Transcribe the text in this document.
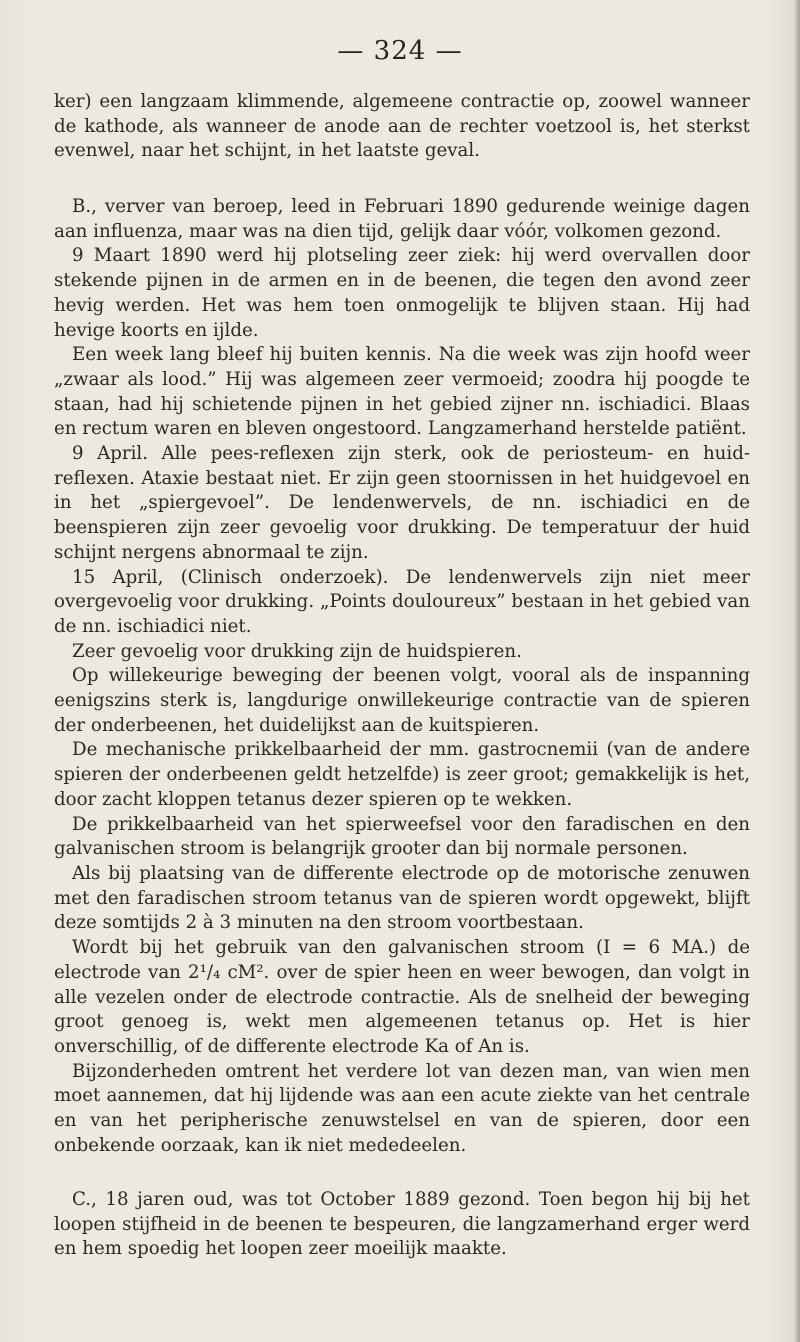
— 324 —

ker) een langzaam klimmende, algemeene contractie op, zoowel wanneer de kathode, als wanneer de anode aan de rechter voetzool is, het sterkst evenwel, naar het schijnt, in het laatste geval.

B., verver van beroep, leed in Februari 1890 gedurende weinige dagen aan influenza, maar was na dien tijd, gelijk daar vóór, volkomen gezond.

9 Maart 1890 werd hij plotseling zeer ziek: hij werd overvallen door stekende pijnen in de armen en in de beenen, die tegen den avond zeer hevig werden. Het was hem toen onmogelijk te blijven staan. Hij had hevige koorts en ijlde.

Een week lang bleef hij buiten kennis. Na die week was zijn hoofd weer „zwaar als lood.” Hij was algemeen zeer vermoeid; zoodra hij poogde te staan, had hij schietende pijnen in het gebied zijner nn. ischiadici. Blaas en rectum waren en bleven ongestoord. Langzamerhand herstelde patiënt.

9 April. Alle pees-reflexen zijn sterk, ook de periosteum- en huid-reflexen. Ataxie bestaat niet. Er zijn geen stoornissen in het huidgevoel en in het „spiergevoel”. De lendenwervels, de nn. ischiadici en de beenspieren zijn zeer gevoelig voor drukking. De temperatuur der huid schijnt nergens abnormaal te zijn.

15 April, (Clinisch onderzoek). De lendenwervels zijn niet meer overgevoelig voor drukking. „Points douloureux” bestaan in het gebied van de nn. ischiadici niet.

Zeer gevoelig voor drukking zijn de huidspieren.

Op willekeurige beweging der beenen volgt, vooral als de inspanning eenigszins sterk is, langdurige onwillekeurige contractie van de spieren der onderbeenen, het duidelijkst aan de kuitspieren.

De mechanische prikkelbaarheid der mm. gastrocnemii (van de andere spieren der onderbeenen geldt hetzelfde) is zeer groot; gemakkelijk is het, door zacht kloppen tetanus dezer spieren op te wekken.

De prikkelbaarheid van het spierweefsel voor den faradischen en den galvanischen stroom is belangrijk grooter dan bij normale personen.

Als bij plaatsing van de differente electrode op de motorische zenuwen met den faradischen stroom tetanus van de spieren wordt opgewekt, blijft deze somtijds 2 à 3 minuten na den stroom voortbestaan.

Wordt bij het gebruik van den galvanischen stroom (I = 6 MA.) de electrode van 2¹/₄ cM². over de spier heen en weer bewogen, dan volgt in alle vezelen onder de electrode contractie. Als de snelheid der beweging groot genoeg is, wekt men algemeenen tetanus op. Het is hier onverschillig, of de differente electrode Ka of An is.

Bijzonderheden omtrent het verdere lot van dezen man, van wien men moet aannemen, dat hij lijdende was aan een acute ziekte van het centrale en van het peripherische zenuwstelsel en van de spieren, door een onbekende oorzaak, kan ik niet mededeelen.

C., 18 jaren oud, was tot October 1889 gezond. Toen begon hij bij het loopen stijfheid in de beenen te bespeuren, die langzamerhand erger werd en hem spoedig het loopen zeer moeilijk maakte.
